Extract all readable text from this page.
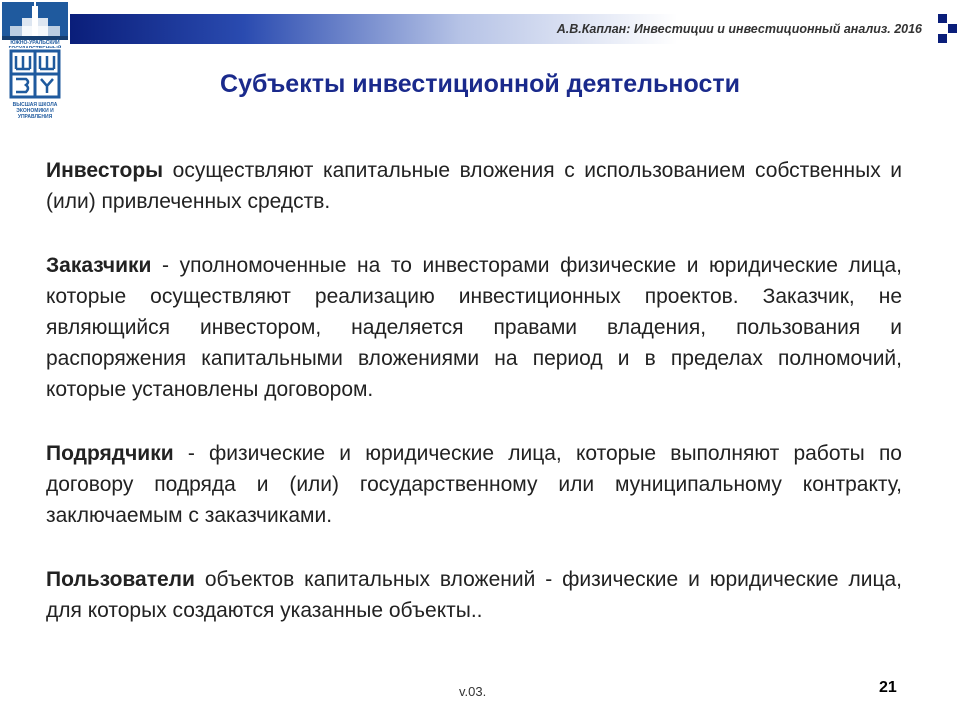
ЮЖНО-УРАЛЬСКИЙ
ВЫСШАЯ ШКОЛА ЭКОНОМИКИ И УПРАВЛЕНИЯ
А.В.Каплан: Инвестиции и инвестиционный анализ. 2016
Субъекты инвестиционной деятельности

Инвесторы осуществляют капитальные вложения с использованием собственных и (или) привлеченных средств.

Заказчики - уполномоченные на то инвесторами физические и юридические лица, которые осуществляют реализацию инвестиционных проектов. Заказчик, не являющийся инвестором, наделяется правами владения, пользования и распоряжения капитальными вложениями на период и в пределах полномочий, которые установлены договором.

Подрядчики - физические и юридические лица, которые выполняют работы по договору подряда и (или) государственному или муниципальному контракту, заключаемым с заказчиками.

Пользователи объектов капитальных вложений - физические и юридические лица, для которых создаются указанные объекты..

v.03.	21
